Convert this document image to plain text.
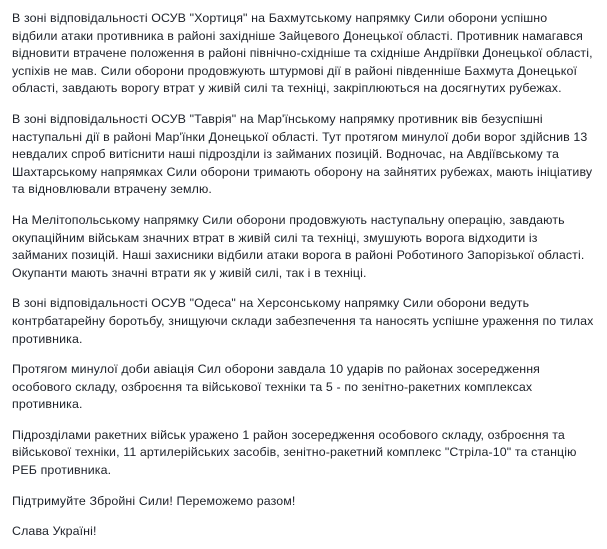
В зоні відповідальності ОСУВ "Хортиця" на Бахмутському напрямку Сили оборони успішно відбили атаки противника в районі західніше Зайцевого Донецької області. Противник намагався відновити втрачене положення в районі північно-східніше та східніше Андріївки Донецької області, успіхів не мав. Сили оборони продовжують штурмові дії в районі південніше Бахмута Донецької області, завдають ворогу втрат у живій силі та техніці, закріплюються на досягнутих рубежах.

В зоні відповідальності ОСУВ "Таврія" на Мар'їнському напрямку противник вів безуспішні наступальні дії в районі Мар'їнки Донецької області. Тут протягом минулої доби ворог здійснив 13 невдалих спроб витіснити наші підрозділи із займаних позицій. Водночас, на Авдіївському та Шахтарському напрямках Сили оборони тримають оборону на зайнятих рубежах, мають ініціативу та відновлювали втрачену землю.

На Мелітопольському напрямку Сили оборони продовжують наступальну операцію, завдають окупаційним військам значних втрат в живій силі та техніці, змушують ворога відходити із займаних позицій. Наші захисники відбили атаки ворога в районі Роботиного Запорізької області. Окупанти мають значні втрати як у живій силі, так і в техніці.

В зоні відповідальності ОСУВ "Одеса" на Херсонському напрямку Сили оборони ведуть контрбатарейну боротьбу, знищуючи склади забезпечення та наносять успішне ураження по тилах противника.

Протягом минулої доби авіація Сил оборони завдала 10 ударів по районах зосередження особового складу, озброєння та військової техніки та 5 - по зенітно-ракетних комплексах противника.

Підрозділами ракетних військ уражено 1 район зосередження особового складу, озброєння та військової техніки, 11 артилерійських засобів, зенітно-ракетний комплекс "Стріла-10" та станцію РЕБ противника.

Підтримуйте Збройні Сили! Переможемо разом!

Слава Україні!
